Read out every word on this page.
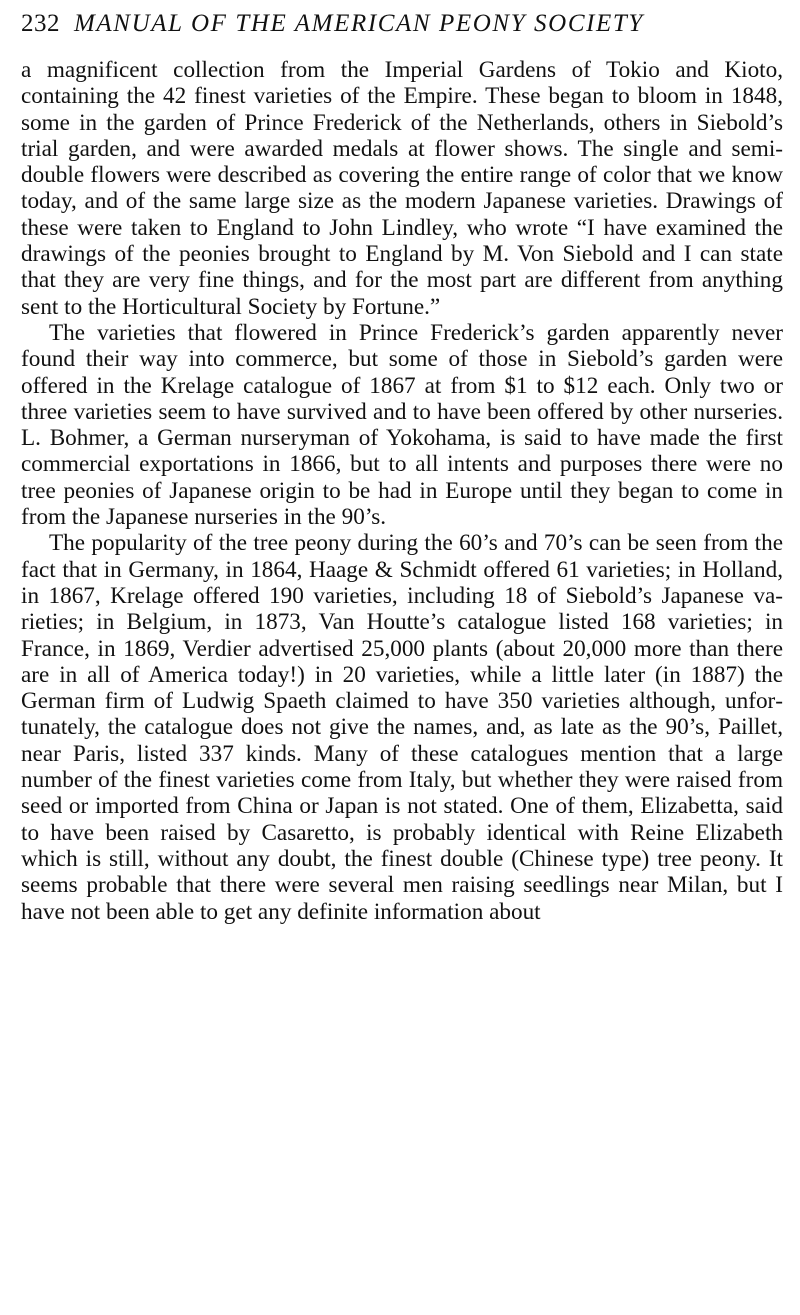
232 MANUAL OF THE AMERICAN PEONY SOCIETY

a magnificent collection from the Imperial Gardens of Tokio and Kioto, containing the 42 finest varieties of the Empire. These began to bloom in 1848, some in the garden of Prince Frederick of the Netherlands, others in Siebold’s trial garden, and were awarded medals at flower shows. The single and semi-double flowers were described as covering the entire range of color that we know today, and of the same large size as the modern Japanese varieties. Drawings of these were taken to England to John Lindley, who wrote “I have examined the drawings of the peonies brought to England by M. Von Siebold and I can state that they are very fine things, and for the most part are different from anything sent to the Horticultural Society by Fortune.”

The varieties that flowered in Prince Frederick’s garden apparently never found their way into commerce, but some of those in Siebold’s garden were offered in the Krelage catalogue of 1867 at from $1 to $12 each. Only two or three varieties seem to have survived and to have been offered by other nurseries. L. Bohmer, a German nurseryman of Yokohama, is said to have made the first commercial exportations in 1866, but to all intents and purposes there were no tree peonies of Japanese origin to be had in Europe until they began to come in from the Japanese nurseries in the 90’s.

The popularity of the tree peony during the 60’s and 70’s can be seen from the fact that in Germany, in 1864, Haage & Schmidt offered 61 varieties; in Holland, in 1867, Krelage offered 190 varieties, including 18 of Siebold’s Japanese varieties; in Belgium, in 1873, Van Houtte’s catalogue listed 168 varieties; in France, in 1869, Verdier advertised 25,000 plants (about 20,000 more than there are in all of America today!) in 20 varieties, while a little later (in 1887) the German firm of Ludwig Spaeth claimed to have 350 varieties although, unfortunately, the catalogue does not give the names, and, as late as the 90’s, Paillet, near Paris, listed 337 kinds. Many of these catalogues mention that a large number of the finest varieties come from Italy, but whether they were raised from seed or imported from China or Japan is not stated. One of them, Elizabetta, said to have been raised by Casaretto, is probably identical with Reine Elizabeth which is still, without any doubt, the finest double (Chinese type) tree peony. It seems probable that there were several men raising seedlings near Milan, but I have not been able to get any definite information about
